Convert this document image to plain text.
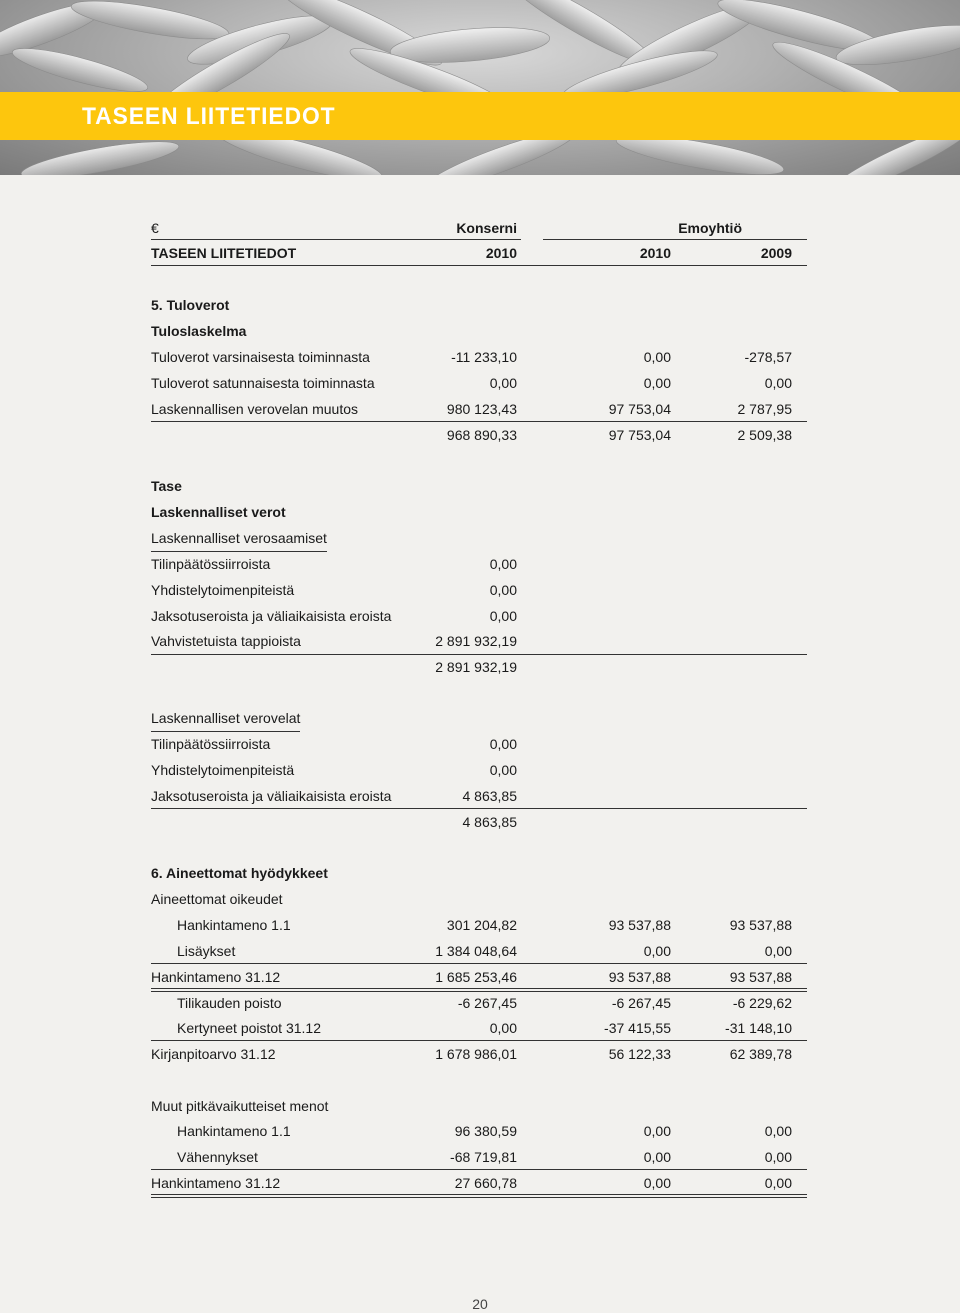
TASEEN LIITETIEDOT
€	Konserni	Emoyhtiö
TASEEN LIITETIEDOT	2010	2010	2009
5. Tuloverot
Tuloslaskelma
Tuloverot varsinaisesta toiminnasta	-11 233,10	0,00	-278,57
Tuloverot satunnaisesta toiminnasta	0,00	0,00	0,00
Laskennallisen verovelan muutos	980 123,43	97 753,04	2 787,95
968 890,33	97 753,04	2 509,38
Tase
Laskennalliset verot
Laskennalliset verosaamiset
Tilinpäätössiirroista	0,00
Yhdistelytoimenpiteistä	0,00
Jaksotuseroista ja väliaikaisista eroista	0,00
Vahvistetuista tappioista	2 891 932,19
2 891 932,19
Laskennalliset verovelat
Tilinpäätössiirroista	0,00
Yhdistelytoimenpiteistä	0,00
Jaksotuseroista ja väliaikaisista eroista	4 863,85
4 863,85
6. Aineettomat hyödykkeet
Aineettomat oikeudet
Hankintameno 1.1	301 204,82	93 537,88	93 537,88
Lisäykset	1 384 048,64	0,00	0,00
Hankintameno 31.12	1 685 253,46	93 537,88	93 537,88
Tilikauden poisto	-6 267,45	-6 267,45	-6 229,62
Kertyneet poistot 31.12	0,00	-37 415,55	-31 148,10
Kirjanpitoarvo 31.12	1 678 986,01	56 122,33	62 389,78
Muut pitkävaikutteiset menot
Hankintameno 1.1	96 380,59	0,00	0,00
Vähennykset	-68 719,81	0,00	0,00
Hankintameno 31.12	27 660,78	0,00	0,00
20
